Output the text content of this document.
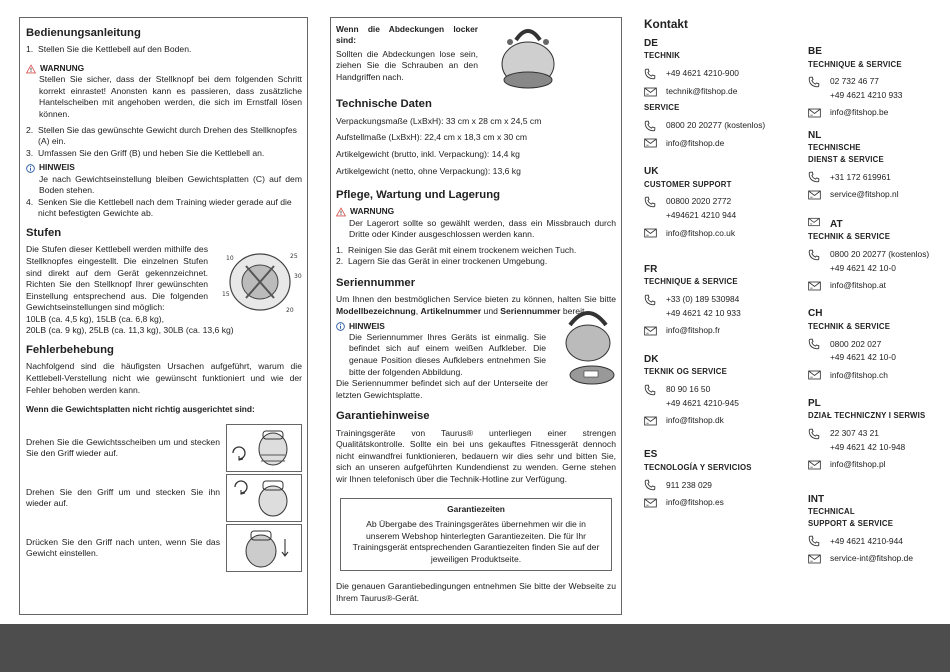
Bedienungsanleitung
1. Stellen Sie die Kettlebell auf den Boden.
WARNUNG

Stellen Sie sicher, dass der Stellknopf bei dem folgenden Schritt korrekt einrastet! Anonsten kann es passieren, dass zusätzliche Hantelscheiben mit angehoben werden, die sich im Ernstfall lösen können.

2. Stellen Sie das gewünschte Gewicht durch Drehen des Stellknopfes (A) ein.
3. Umfassen Sie den Griff (B) und heben Sie die Kettlebell an.
HINWEIS

Je nach Gewichtseinstellung bleiben Gewichtsplatten (C) auf dem Boden stehen.

4. Senken Sie die Kettlebell nach dem Training wieder gerade auf die nicht befestigten Gewichte ab.
Stufen

Die Stufen dieser Kettlebell werden mithilfe des Stellknopfes eingestellt. Die einzelnen Stufen sind direkt auf dem Gerät gekennzeichnet. Richten Sie den Stellknopf Ihrer gewünschten Einstellung entsprechend aus. Die folgenden Gewichtseinstellungen sind möglich:

25
30
20
15
10
10LB (ca. 4,5 kg), 15LB (ca. 6,8 kg),
20LB (ca. 9 kg), 25LB (ca. 11,3 kg), 30LB (ca. 13,6 kg)
Fehlerbehebung

Nachfolgend sind die häufigsten Ursachen aufgeführt, warum die Kettlebell-Verstellung nicht wie gewünscht funktioniert und wie der Fehler behoben werden kann.

Wenn die Gewichtsplatten nicht richtig ausgerichtet sind:

Drehen Sie die Gewichtsscheiben um und stecken Sie den Griff wieder auf.

Drehen Sie den Griff um und stecken Sie ihn wieder auf.

Drücken Sie den Griff nach unten, wenn Sie das Gewicht einstellen.

Wenn die Abdeckungen locker sind:

Sollten die Abdeckungen lose sein, ziehen Sie die Schrauben an den Handgriffen nach.

Technische Daten
Verpackungsmaße (LxBxH): 33 cm x 28 cm x 24,5 cm
Aufstellmaße (LxBxH): 22,4 cm x 18,3 cm x 30 cm
Artikelgewicht (brutto, inkl. Verpackung): 14,4 kg
Artikelgewicht (netto, ohne Verpackung): 13,6 kg
Pflege, Wartung und Lagerung
WARNUNG

Der Lagerort sollte so gewählt werden, dass ein Missbrauch durch Dritte oder Kinder ausgeschlossen werden kann.

1. Reinigen Sie das Gerät mit einem trockenem weichen Tuch.
2. Lagern Sie das Gerät in einer trockenen Umgebung.
Seriennummer

Um Ihnen den bestmöglichen Service bieten zu können, halten Sie bitte Modellbezeichnung, Artikelnummer und Seriennummer bereit.

HINWEIS

Die Seriennummer Ihres Geräts ist einmalig. Sie befindet sich auf einem weißen Aufkleber. Die genaue Position dieses Aufklebers entnehmen Sie bitte der folgenden Abbildung.

Die Seriennummer befindet sich auf der Unterseite der letzten Gewichtsplatte.

Garantiehinweise

Trainingsgeräte von Taurus® unterliegen einer strengen Qualitätskontrolle. Sollte ein bei uns gekauftes Fitnessgerät dennoch nicht einwandfrei funktionieren, bedauern wir dies sehr und bitten Sie, sich an unseren aufgeführten Kundendienst zu wenden. Gerne stehen wir Ihnen telefonisch über die Technik-Hotline zur Verfügung.

Garantiezeiten
Ab Übergabe des Trainingsgerätes übernehmen wir die in unserem Webshop hinterlegten Garantiezeiten. Die für Ihr Trainingsgerät entsprechenden Garantiezeiten finden Sie auf der jeweiligen Produktseite.

Die genauen Garantiebedingungen entnehmen Sie bitte der Webseite zu Ihrem Taurus®-Gerät.

Kontakt
DE
TECHNIK
+49 4621 4210-900
technik@fitshop.de
SERVICE
0800 20 20277 (kostenlos)
info@fitshop.de
UK
CUSTOMER SUPPORT
00800 2020 2772
+494621 4210 944
info@fitshop.co.uk
FR
TECHNIQUE & SERVICE
+33 (0) 189 530984
+49 4621 42 10 933
info@fitshop.fr
DK
TEKNIK OG SERVICE
80 90 16 50
+49 4621 4210-945
info@fitshop.dk
ES
TECNOLOGÍA Y SERVICIOS
911 238 029
info@fitshop.es
BE
TECHNIQUE & SERVICE
02 732 46 77
+49 4621 4210 933
info@fitshop.be
NL
TECHNISCHE
DIENST & SERVICE
+31 172 619961
service@fitshop.nl
AT
TECHNIK & SERVICE
0800 20 20277 (kostenlos)
+49 4621 42 10-0
info@fitshop.at
CH
TECHNIK & SERVICE
0800 202 027
+49 4621 42 10-0
info@fitshop.ch
PL
DZIAŁ TECHNICZNY I SERWIS
22 307 43 21
+49 4621 42 10-948
info@fitshop.pl
INT
TECHNICAL
SUPPORT & SERVICE
+49 4621 4210-944
service-int@fitshop.de
